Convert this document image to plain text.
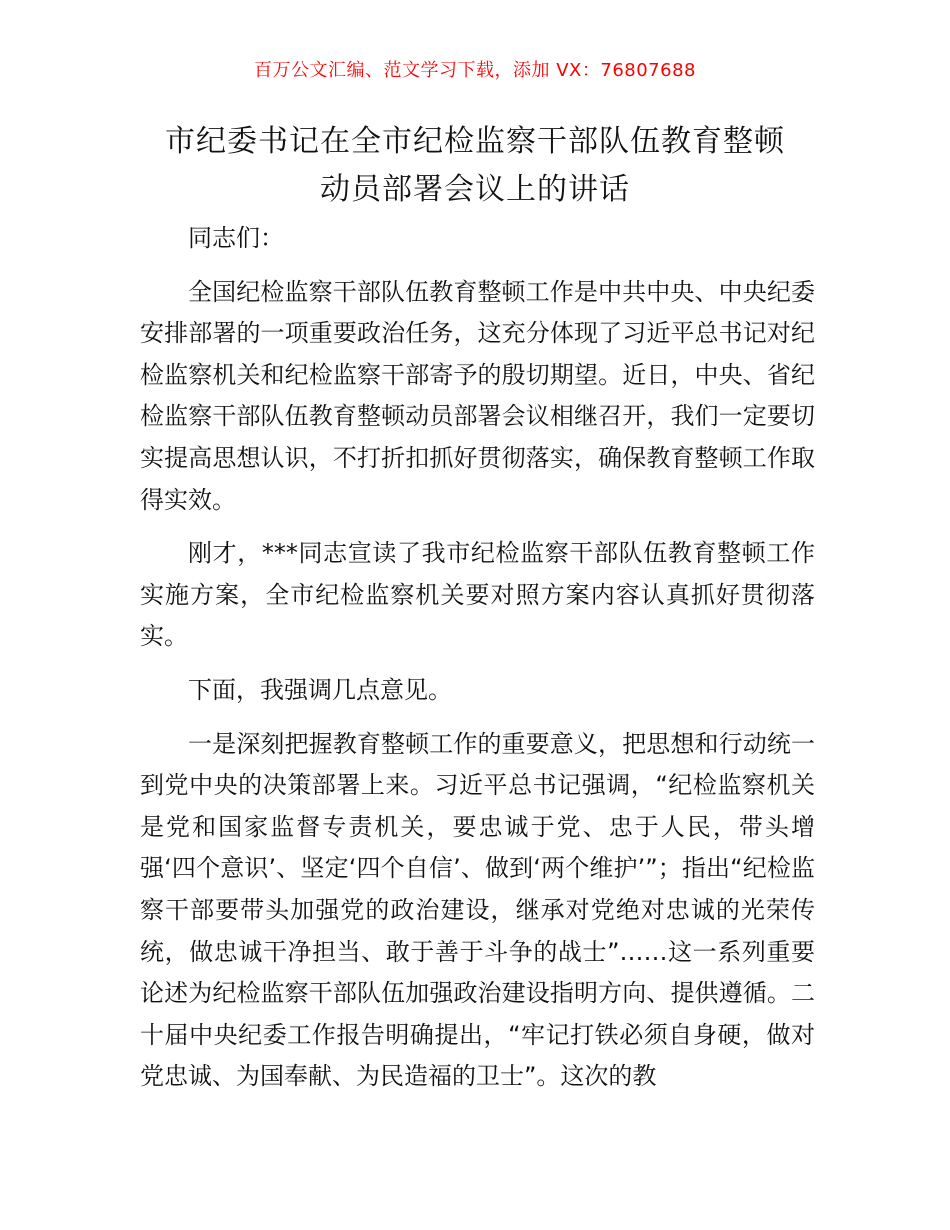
百万公文汇编、范文学习下载，添加 VX：76807688
市纪委书记在全市纪检监察干部队伍教育整顿
动员部署会议上的讲话

同志们：

全国纪检监察干部队伍教育整顿工作是中共中央、中央纪委安排部署的一项重要政治任务，这充分体现了习近平总书记对纪检监察机关和纪检监察干部寄予的殷切期望。近日，中央、省纪检监察干部队伍教育整顿动员部署会议相继召开，我们一定要切实提高思想认识，不打折扣抓好贯彻落实，确保教育整顿工作取得实效。

刚才，***同志宣读了我市纪检监察干部队伍教育整顿工作实施方案，全市纪检监察机关要对照方案内容认真抓好贯彻落实。

下面，我强调几点意见。

一是深刻把握教育整顿工作的重要意义，把思想和行动统一到党中央的决策部署上来。习近平总书记强调，“纪检监察机关是党和国家监督专责机关，要忠诚于党、忠于人民，带头增强‘四个意识’、坚定‘四个自信’、做到‘两个维护’”；指出“纪检监察干部要带头加强党的政治建设，继承对党绝对忠诚的光荣传统，做忠诚干净担当、敢于善于斗争的战士”……这一系列重要论述为纪检监察干部队伍加强政治建设指明方向、提供遵循。二十届中央纪委工作报告明确提出，“牢记打铁必须自身硬，做对党忠诚、为国奉献、为民造福的卫士”。这次的教
